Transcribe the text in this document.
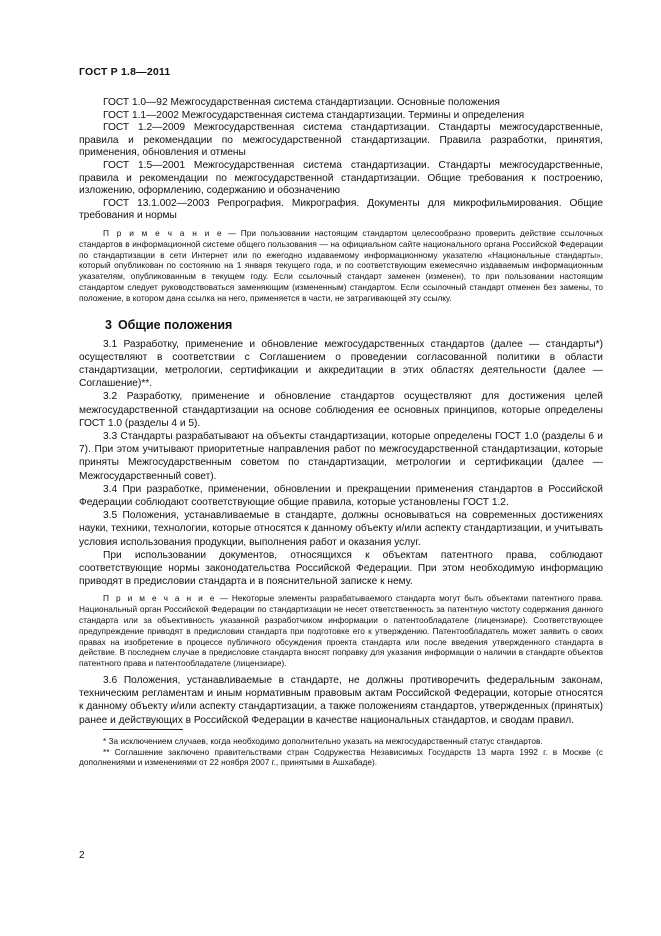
ГОСТ Р 1.8—2011

ГОСТ 1.0—92 Межгосударственная система стандартизации. Основные положения

ГОСТ 1.1—2002 Межгосударственная система стандартизации. Термины и определения

ГОСТ 1.2—2009 Межгосударственная система стандартизации. Стандарты межгосударственные, правила и рекомендации по межгосударственной стандартизации. Правила разработки, принятия, применения, обновления и отмены

ГОСТ 1.5—2001 Межгосударственная система стандартизации. Стандарты межгосударственные, правила и рекомендации по межгосударственной стандартизации. Общие требования к построению, изложению, оформлению, содержанию и обозначению

ГОСТ 13.1.002—2003 Репрография. Микрография. Документы для микрофильмирования. Общие требования и нормы

П р и м е ч а н и е — При пользовании настоящим стандартом целесообразно проверить действие ссылочных стандартов в информационной системе общего пользования — на официальном сайте национального органа Российской Федерации по стандартизации в сети Интернет или по ежегодно издаваемому информационному указателю «Национальные стандарты», который опубликован по состоянию на 1 января текущего года, и по соответствующим ежемесячно издаваемым информационным указателям, опубликованным в текущем году. Если ссылочный стандарт заменен (изменен), то при пользовании настоящим стандартом следует руководствоваться заменяющим (измененным) стандартом. Если ссылочный стандарт отменен без замены, то положение, в котором дана ссылка на него, применяется в части, не затрагивающей эту ссылку.

3 Общие положения

3.1 Разработку, применение и обновление межгосударственных стандартов (далее — стандарты*) осуществляют в соответствии с Соглашением о проведении согласованной политики в области стандартизации, метрологии, сертификации и аккредитации в этих областях деятельности (далее — Соглашение)**.

3.2 Разработку, применение и обновление стандартов осуществляют для достижения целей межгосударственной стандартизации на основе соблюдения ее основных принципов, которые определены ГОСТ 1.0 (разделы 4 и 5).

3.3 Стандарты разрабатывают на объекты стандартизации, которые определены ГОСТ 1.0 (разделы 6 и 7). При этом учитывают приоритетные направления работ по межгосударственной стандартизации, которые приняты Межгосударственным советом по стандартизации, метрологии и сертификации (далее — Межгосударственный совет).

3.4 При разработке, применении, обновлении и прекращении применения стандартов в Российской Федерации соблюдают соответствующие общие правила, которые установлены ГОСТ 1.2.

3.5 Положения, устанавливаемые в стандарте, должны основываться на современных достижениях науки, техники, технологии, которые относятся к данному объекту и/или аспекту стандартизации, и учитывать условия использования продукции, выполнения работ и оказания услуг.

При использовании документов, относящихся к объектам патентного права, соблюдают соответствующие нормы законодательства Российской Федерации. При этом необходимую информацию приводят в предисловии стандарта и в пояснительной записке к нему.

П р и м е ч а н и е — Некоторые элементы разрабатываемого стандарта могут быть объектами патентного права. Национальный орган Российской Федерации по стандартизации не несет ответственность за патентную чистоту содержания данного стандарта или за объективность указанной разработчиком информации о патентообладателе (лицензиаре). Соответствующее предупреждение приводят в предисловии стандарта при подготовке его к утверждению. Патентообладатель может заявить о своих правах на изобретение в процессе публичного обсуждения проекта стандарта или после введения утвержденного стандарта в действие. В последнем случае в предисловие стандарта вносят поправку для указания информации о наличии в стандарте объектов патентного права и патентообладателе (лицензиаре).

3.6 Положения, устанавливаемые в стандарте, не должны противоречить федеральным законам, техническим регламентам и иным нормативным правовым актам Российской Федерации, которые относятся к данному объекту и/или аспекту стандартизации, а также положениям стандартов, утвержденных (принятых) ранее и действующих в Российской Федерации в качестве национальных стандартов, и сводам правил.

* За исключением случаев, когда необходимо дополнительно указать на межгосударственный статус стандартов.

** Соглашение заключено правительствами стран Содружества Независимых Государств 13 марта 1992 г. в Москве (с дополнениями и изменениями от 22 ноября 2007 г., принятыми в Ашхабаде).

2
